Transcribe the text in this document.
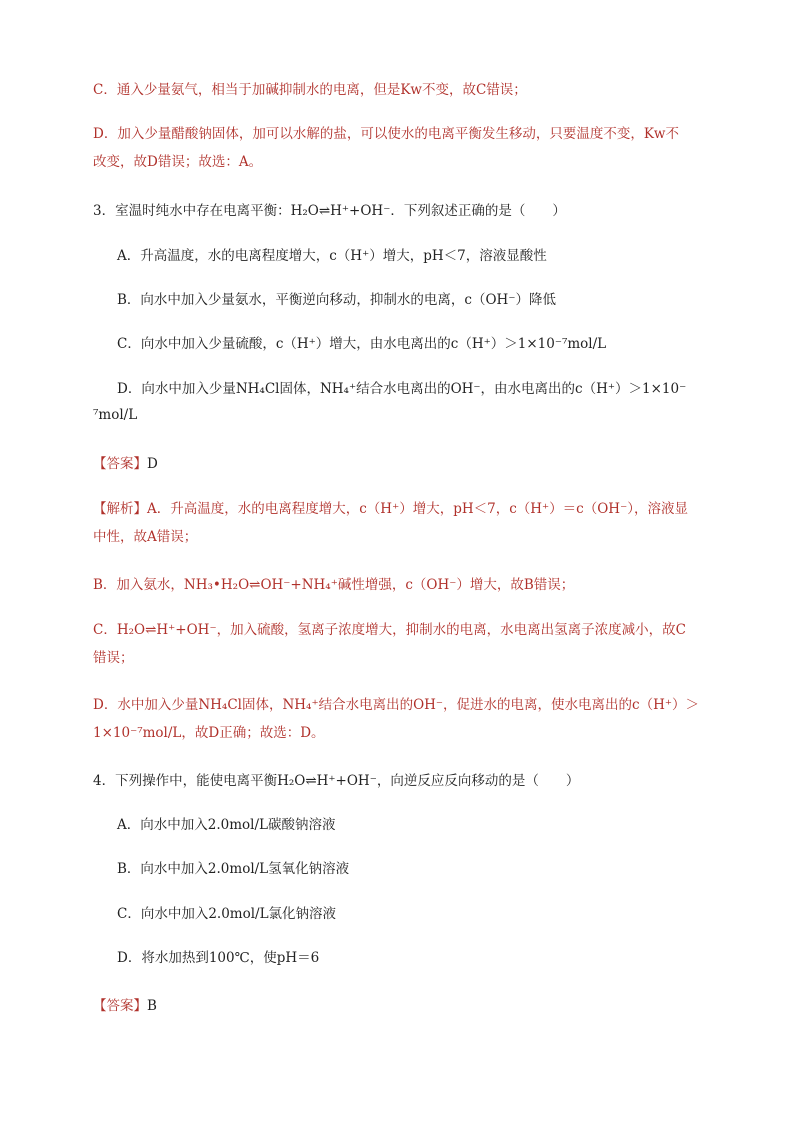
C．通入少量氨气，相当于加碱抑制水的电离，但是Kw不变，故C错误；
D．加入少量醋酸钠固体，加可以水解的盐，可以使水的电离平衡发生移动，只要温度不变，Kw不
改变，故D错误；故选：A。
3．室温时纯水中存在电离平衡：H₂O⇌H⁺+OH⁻．下列叙述正确的是（　　）
A．升高温度，水的电离程度增大，c（H⁺）增大，pH＜7，溶液显酸性
B．向水中加入少量氨水，平衡逆向移动，抑制水的电离，c（OH⁻）降低
C．向水中加入少量硫酸，c（H⁺）增大，由水电离出的c（H⁺）＞1×10⁻⁷mol/L
D．向水中加入少量NH₄Cl固体，NH₄⁺结合水电离出的OH⁻，由水电离出的c（H⁺）＞1×10⁻
⁷mol/L
【答案】D
【解析】A．升高温度，水的电离程度增大，c（H⁺）增大，pH＜7，c（H⁺）＝c（OH⁻），溶液显
中性，故A错误；
B．加入氨水，NH₃•H₂O⇌OH⁻+NH₄⁺碱性增强，c（OH⁻）增大，故B错误；
C．H₂O⇌H⁺+OH⁻，加入硫酸，氢离子浓度增大，抑制水的电离，水电离出氢离子浓度减小，故C
错误；
D．水中加入少量NH₄Cl固体，NH₄⁺结合水电离出的OH⁻，促进水的电离，使水电离出的c（H⁺）＞
1×10⁻⁷mol/L，故D正确；故选：D。
4．下列操作中，能使电离平衡H₂O⇌H⁺+OH⁻，向逆反应反向移动的是（　　）
A．向水中加入2.0mol/L碳酸钠溶液
B．向水中加入2.0mol/L氢氧化钠溶液
C．向水中加入2.0mol/L氯化钠溶液
D．将水加热到100℃，使pH＝6
【答案】B
